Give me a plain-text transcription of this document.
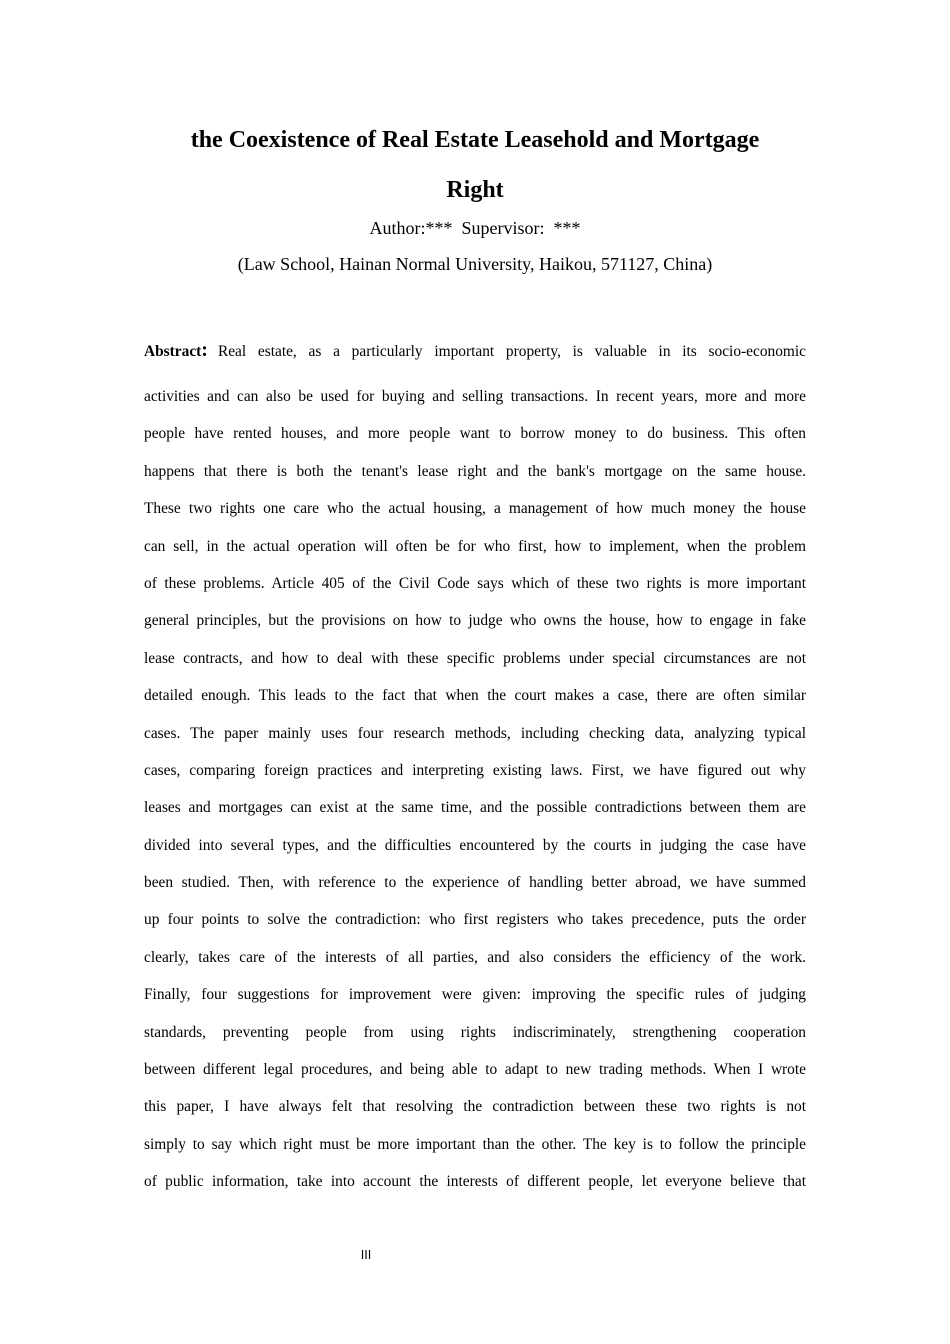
the Coexistence of Real Estate Leasehold and Mortgage
Right
Author:***  Supervisor:  ***
(Law School, Hainan Normal University, Haikou, 571127, China)
Abstract: Real estate, as a particularly important property, is valuable in its socio-economic
activities and can also be used for buying and selling transactions. In recent years, more and more
people have rented houses, and more people want to borrow money to do business. This often
happens that there is both the tenant's lease right and the bank's mortgage on the same house.
These two rights one care who the actual housing, a management of how much money the house
can sell, in the actual operation will often be for who first, how to implement, when the problem
of these problems. Article 405 of the Civil Code says which of these two rights is more important
general principles, but the provisions on how to judge who owns the house, how to engage in fake
lease contracts, and how to deal with these specific problems under special circumstances are not
detailed enough. This leads to the fact that when the court makes a case, there are often similar
cases. The paper mainly uses four research methods, including checking data, analyzing typical
cases, comparing foreign practices and interpreting existing laws. First, we have figured out why
leases and mortgages can exist at the same time, and the possible contradictions between them are
divided into several types, and the difficulties encountered by the courts in judging the case have
been studied. Then, with reference to the experience of handling better abroad, we have summed
up four points to solve the contradiction: who first registers who takes precedence, puts the order
clearly, takes care of the interests of all parties, and also considers the efficiency of the work.
Finally, four suggestions for improvement were given: improving the specific rules of judging
standards, preventing people from using rights indiscriminately, strengthening cooperation
between different legal procedures, and being able to adapt to new trading methods. When I wrote
this paper, I have always felt that resolving the contradiction between these two rights is not
simply to say which right must be more important than the other. The key is to follow the principle
of public information, take into account the interests of different people, let everyone believe that
III
